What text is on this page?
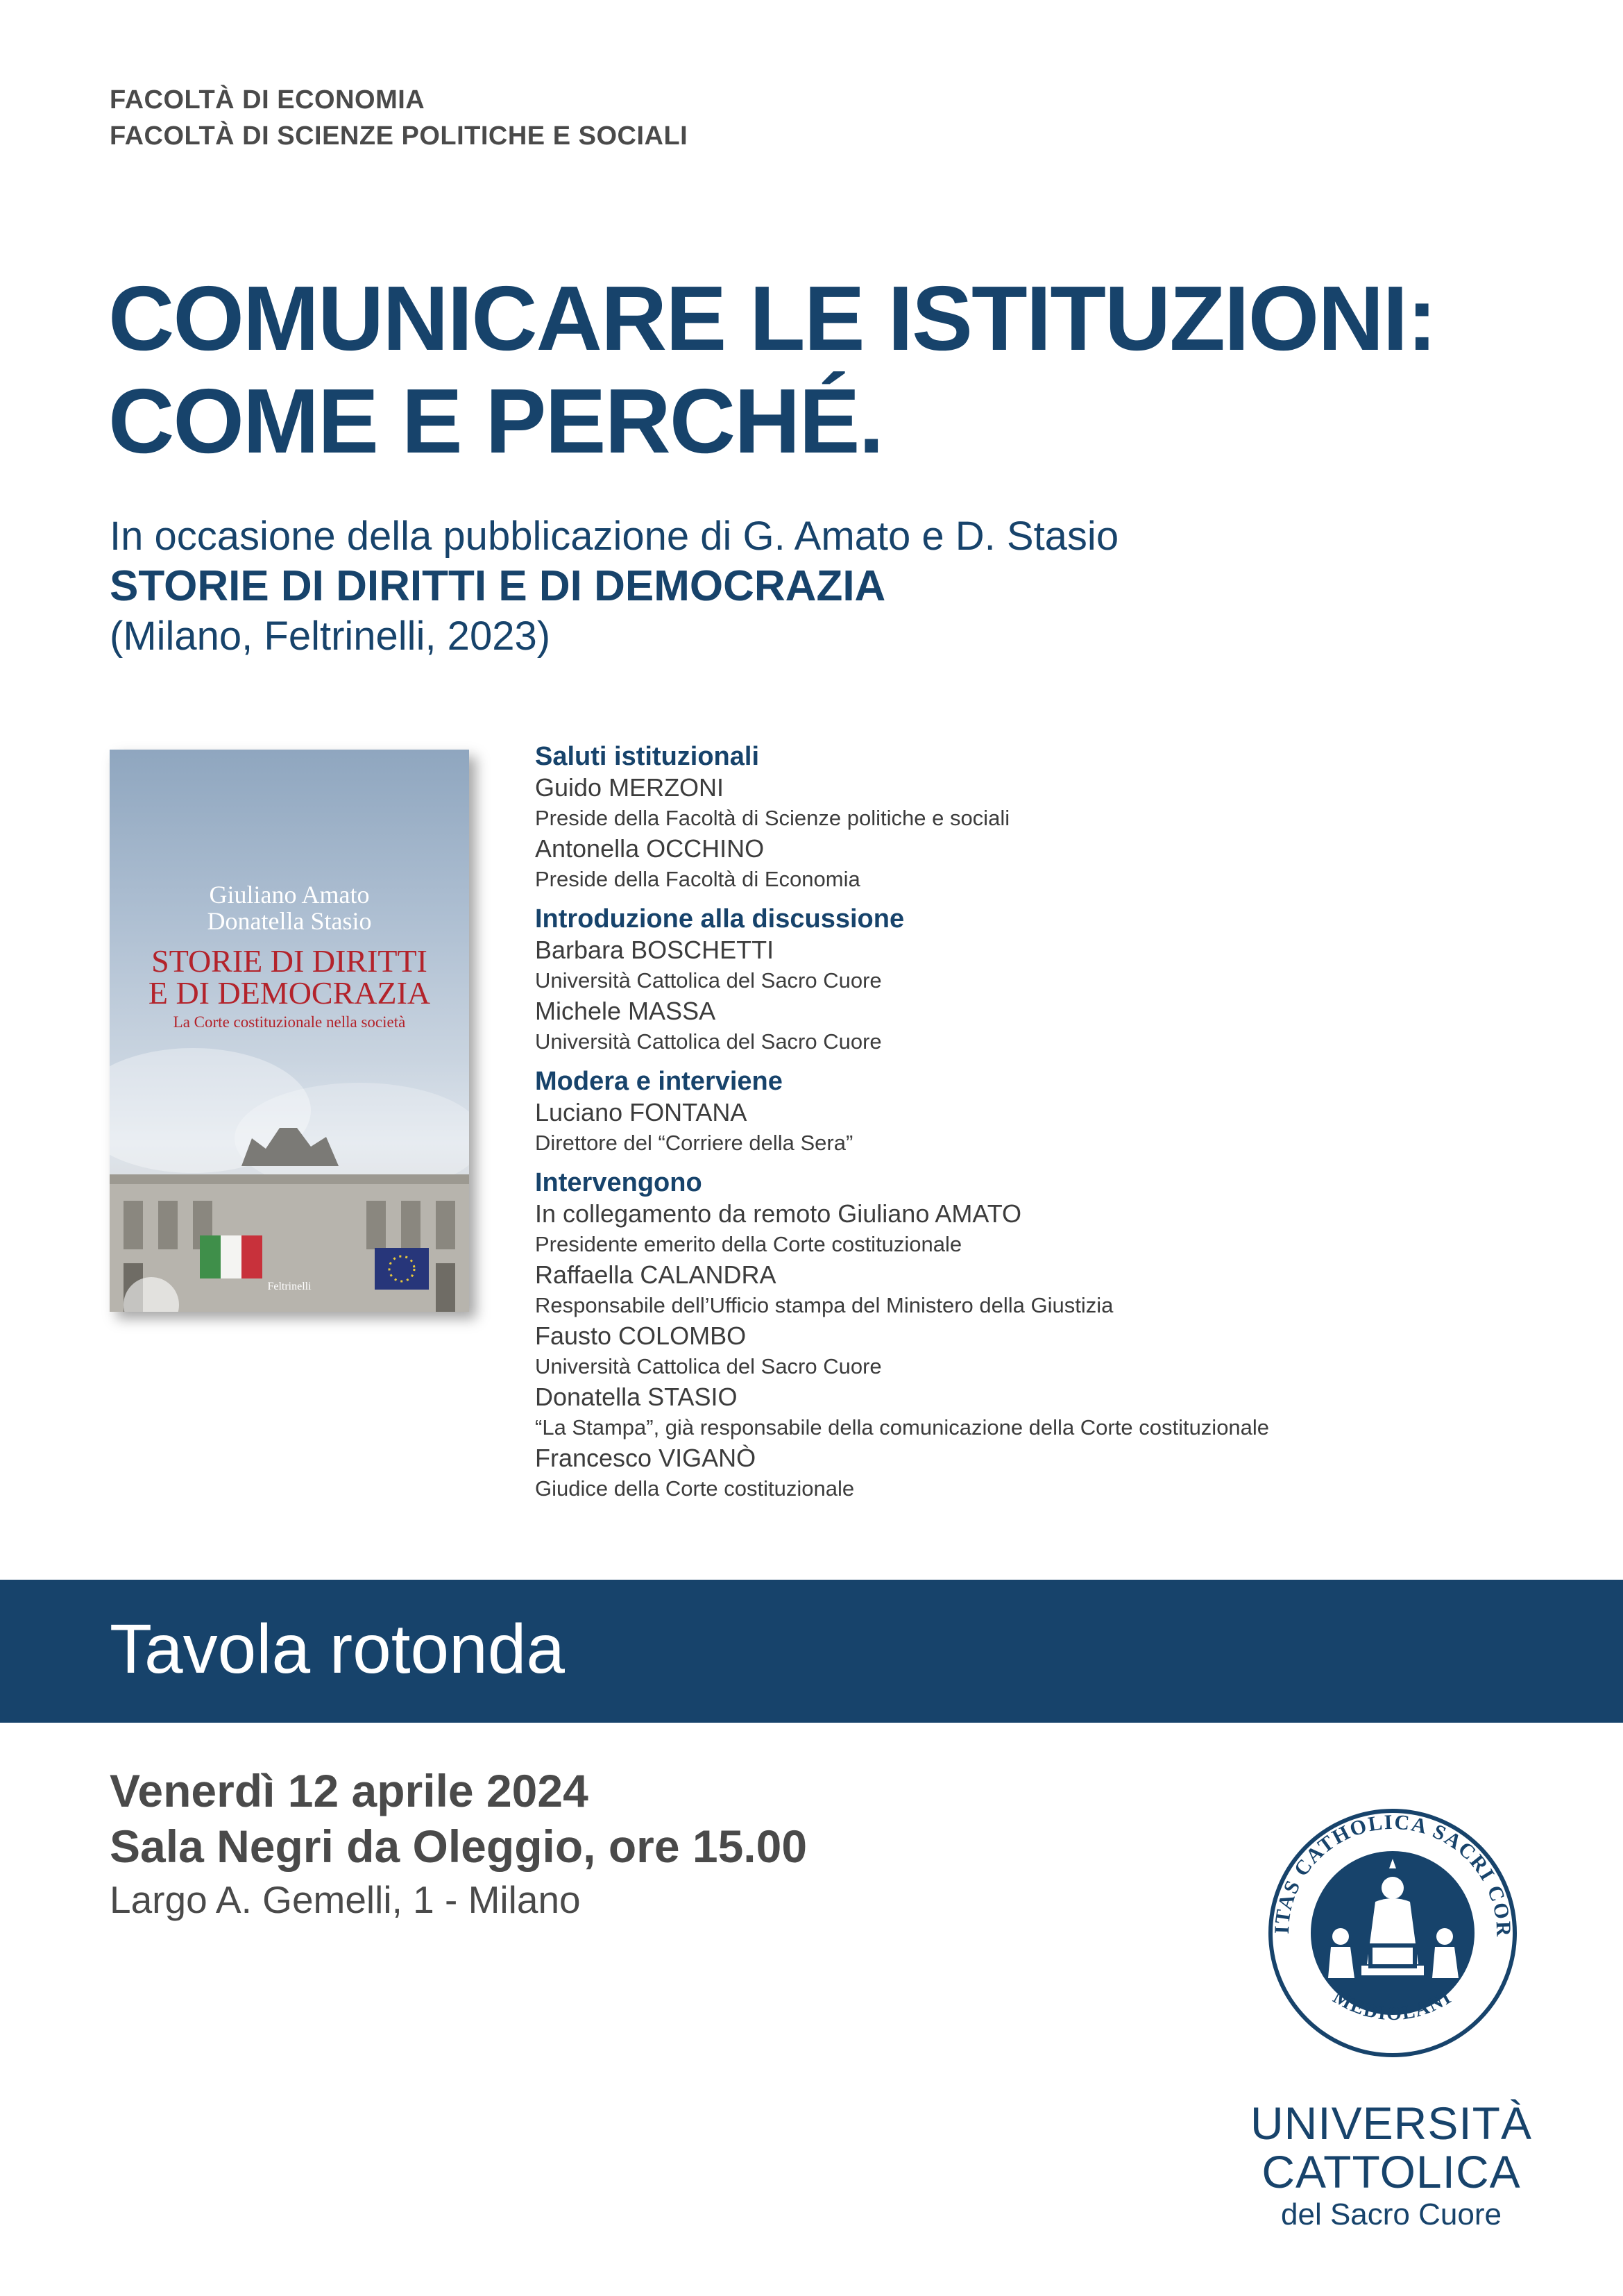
FACOLTÀ DI ECONOMIA
FACOLTÀ DI SCIENZE POLITICHE E SOCIALI
COMUNICARE LE ISTITUZIONI:
COME E PERCHÉ.
In occasione della pubblicazione di G. Amato e D. Stasio
STORIE DI DIRITTI E DI DEMOCRAZIA
(Milano, Feltrinelli, 2023)
Giuliano Amato
Donatella Stasio
STORIE DI DIRITTI
E DI DEMOCRAZIA
La Corte costituzionale nella società
Feltrinelli
Saluti istituzionali
Guido MERZONI
Preside della Facoltà di Scienze politiche e sociali
Antonella OCCHINO
Preside della Facoltà di Economia
Introduzione alla discussione
Barbara BOSCHETTI
Università Cattolica del Sacro Cuore
Michele MASSA
Università Cattolica del Sacro Cuore
Modera e interviene
Luciano FONTANA
Direttore del “Corriere della Sera”
Intervengono
In collegamento da remoto Giuliano AMATO
Presidente emerito della Corte costituzionale
Raffaella CALANDRA
Responsabile dell’Ufficio stampa del Ministero della Giustizia
Fausto COLOMBO
Università Cattolica del Sacro Cuore
Donatella STASIO
“La Stampa”, già responsabile della comunicazione della Corte costituzionale
Francesco VIGANÒ
Giudice della Corte costituzionale
Tavola rotonda
Venerdì 12 aprile 2024
Sala Negri da Oleggio, ore 15.00
Largo A. Gemelli, 1 - Milano
ITAS CATHOLICA SACRI COR
MEDIOLANI
UNIVERSITÀ
CATTOLICA
del Sacro Cuore
